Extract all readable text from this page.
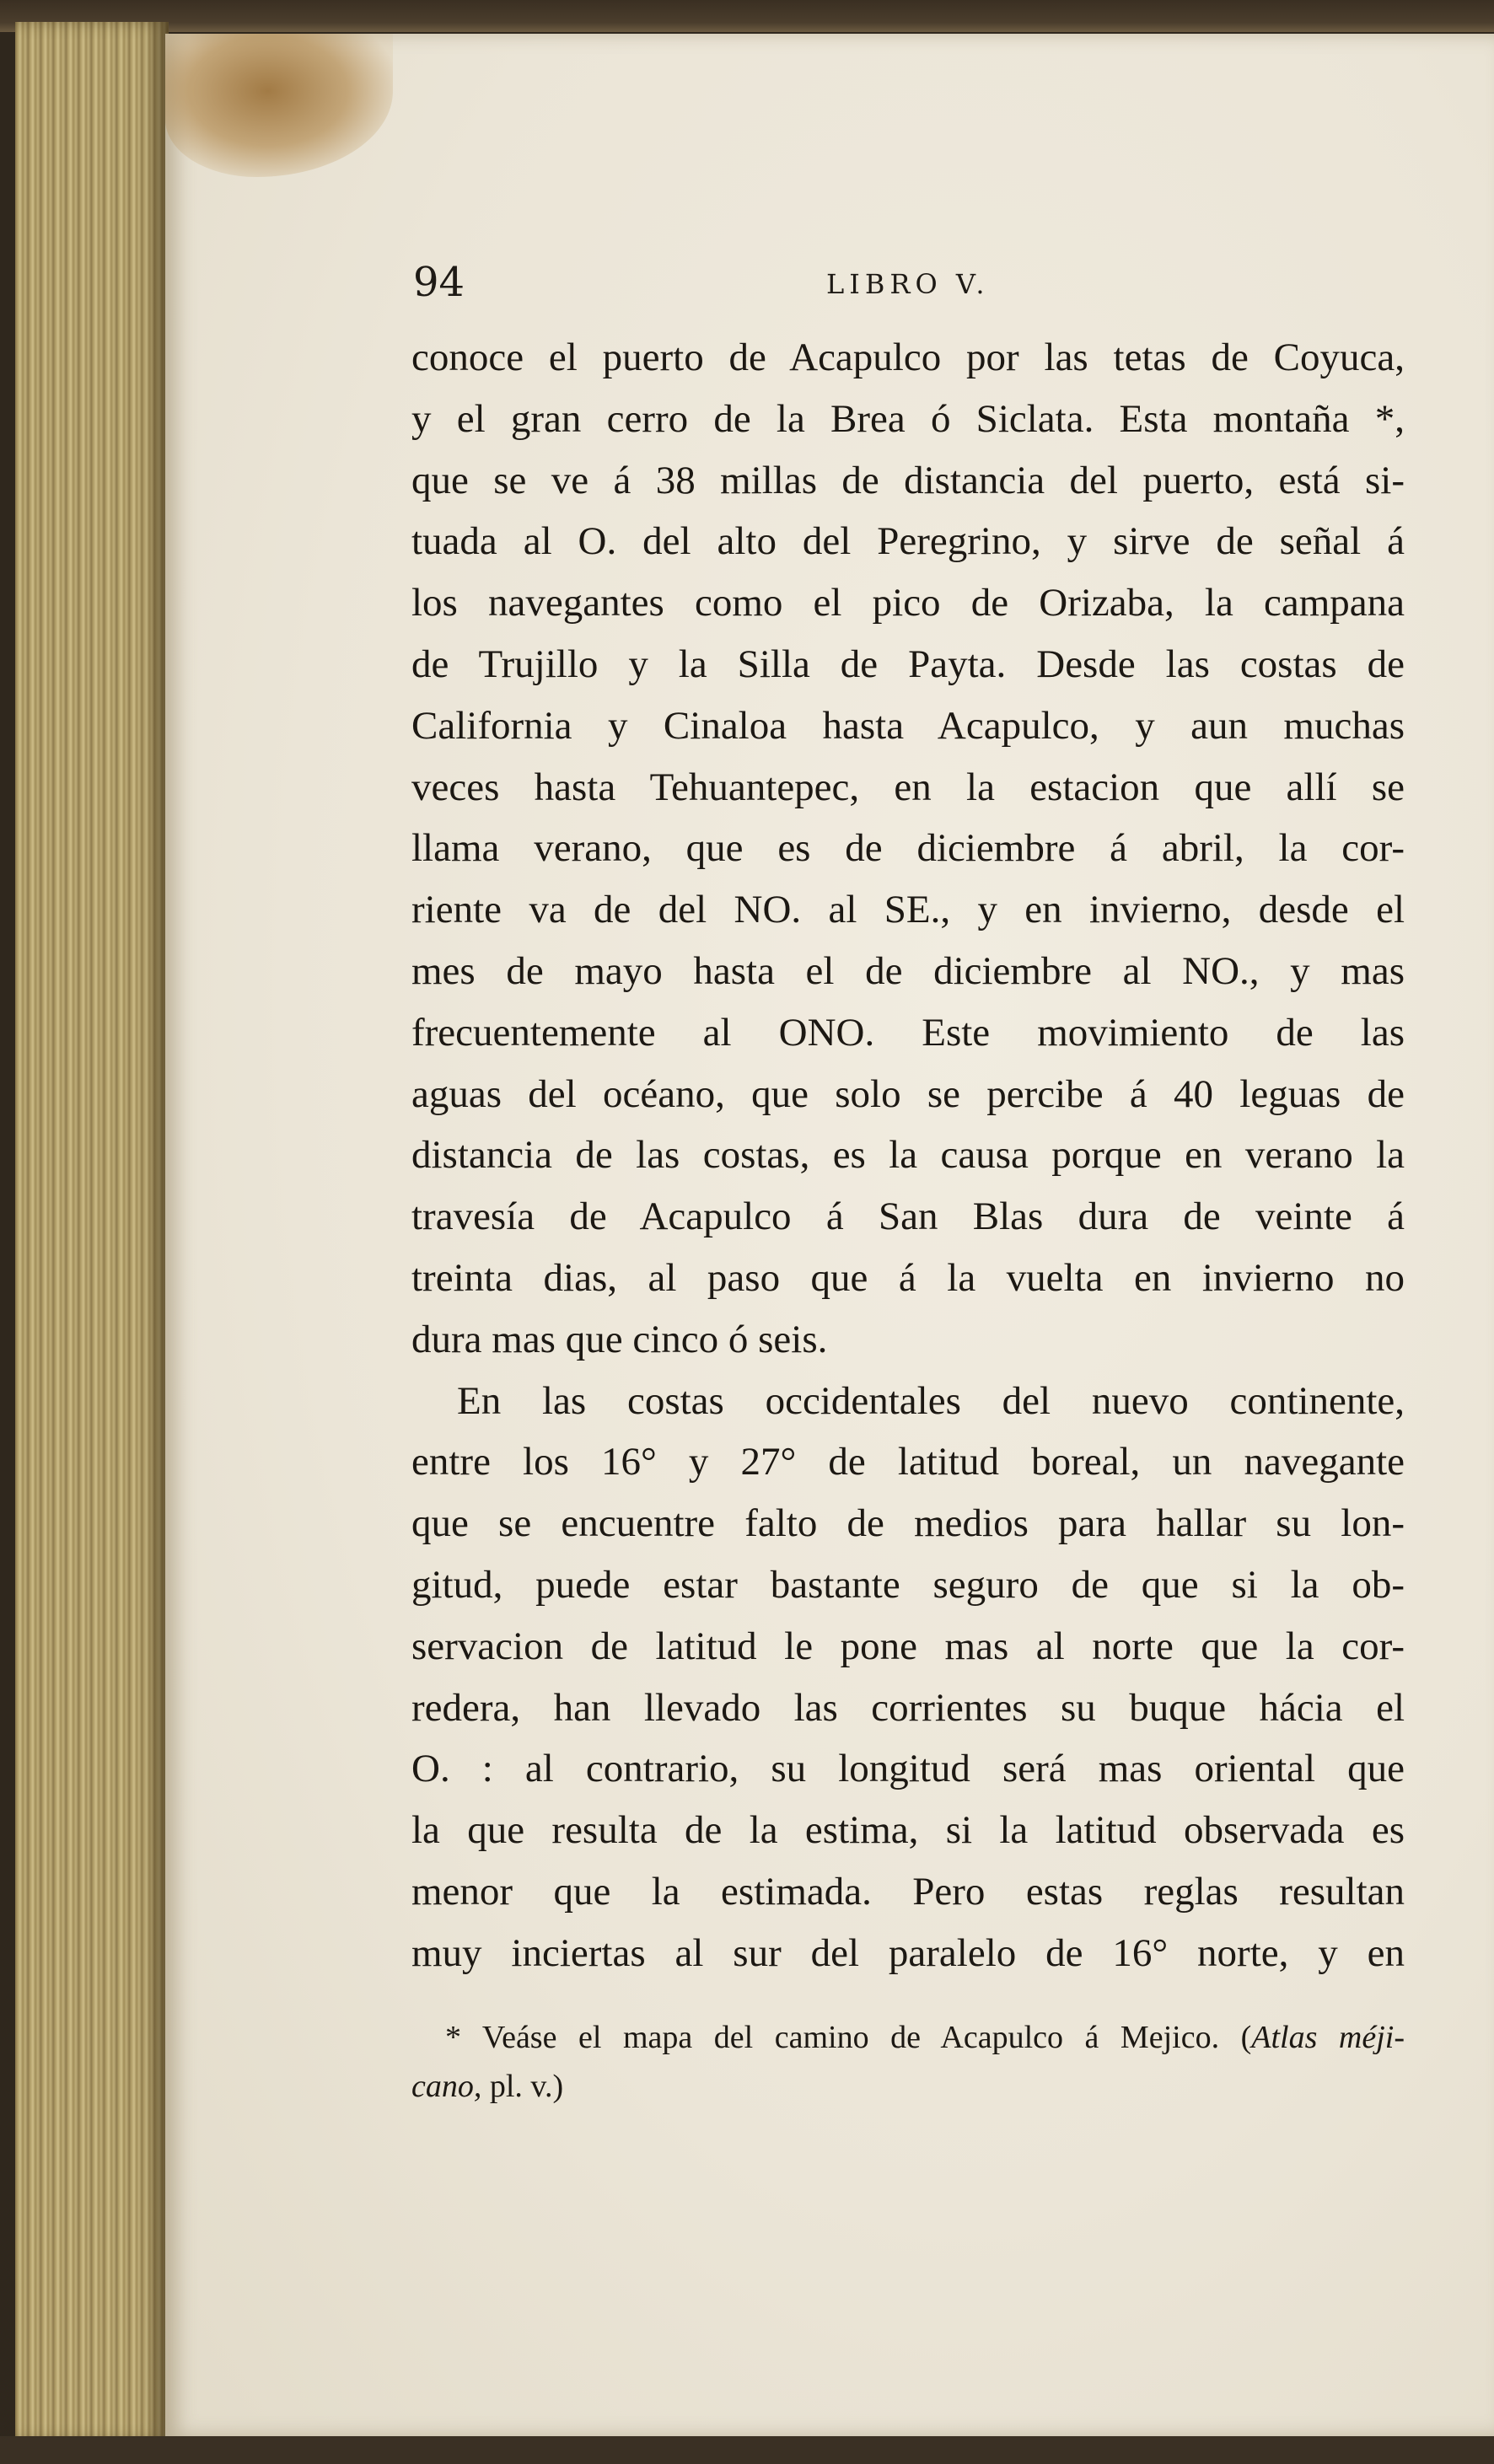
94	LIBRO V.
conoce el puerto de Acapulco por las tetas de Coyuca,
y el gran cerro de la Brea ó Siclata. Esta montaña *,
que se ve á 38 millas de distancia del puerto, está si-
tuada al O. del alto del Peregrino, y sirve de señal á
los navegantes como el pico de Orizaba, la campana
de Trujillo y la Silla de Payta. Desde las costas de
California y Cinaloa hasta Acapulco, y aun muchas
veces hasta Tehuantepec, en la estacion que allí se
llama verano, que es de diciembre á abril, la cor-
riente va de del NO. al SE., y en invierno, desde el
mes de mayo hasta el de diciembre al NO., y mas
frecuentemente al ONO. Este movimiento de las
aguas del océano, que solo se percibe á 40 leguas de
distancia de las costas, es la causa porque en verano la
travesía de Acapulco á San Blas dura de veinte á
treinta dias, al paso que á la vuelta en invierno no
dura mas que cinco ó seis.
En las costas occidentales del nuevo continente,
entre los 16° y 27° de latitud boreal, un navegante
que se encuentre falto de medios para hallar su lon-
gitud, puede estar bastante seguro de que si la ob-
servacion de latitud le pone mas al norte que la cor-
redera, han llevado las corrientes su buque hácia el
O. : al contrario, su longitud será mas oriental que
la que resulta de la estima, si la latitud observada es
menor que la estimada. Pero estas reglas resultan
muy inciertas al sur del paralelo de 16° norte, y en
* Veáse el mapa del camino de Acapulco á Mejico. (Atlas méji-
cano, pl. v.)
